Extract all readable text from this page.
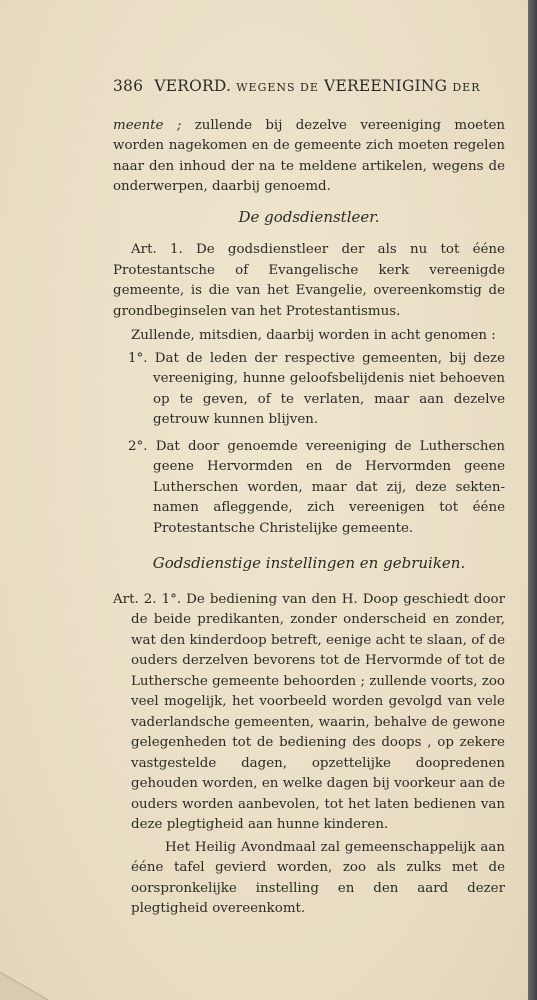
386 VERORD. WEGENS DE VEREENIGING DER

meente ; zullende bij dezelve vereeniging moeten worden nagekomen en de gemeente zich moeten regelen naar den inhoud der na te meldene artikelen, wegens de onderwerpen, daarbij genoemd.

De godsdienstleer.

Art. 1. De godsdienstleer der als nu tot ééne Protestantsche of Evangelische kerk vereenigde gemeente, is die van het Evangelie, overeenkomstig de grondbeginselen van het Protestantismus.

Zullende, mitsdien, daarbij worden in acht genomen :

1°. Dat de leden der respective gemeenten, bij deze vereeniging, hunne geloofsbelijdenis niet behoeven op te geven, of te verlaten, maar aan dezelve getrouw kunnen blijven.

2°. Dat door genoemde vereeniging de Lutherschen geene Hervormden en de Hervormden geene Lutherschen worden, maar dat zij, deze sekten-namen afleggende, zich vereenigen tot ééne Protestantsche Christelijke gemeente.

Godsdienstige instellingen en gebruiken.

Art. 2. 1°. De bediening van den H. Doop geschiedt door de beide predikanten, zonder onderscheid en zonder, wat den kinderdoop betreft, eenige acht te slaan, of de ouders derzelven bevorens tot de Hervormde of tot de Luthersche gemeente behoorden ; zullende voorts, zoo veel mogelijk, het voorbeeld worden gevolgd van vele vaderlandsche gemeenten, waarin, behalve de gewone gelegenheden tot de bediening des doops , op zekere vastgestelde dagen, opzettelijke doopredenen gehouden worden, en welke dagen bij voorkeur aan de ouders worden aanbevolen, tot het laten bedienen van deze plegtigheid aan hunne kinderen.

Het Heilig Avondmaal zal gemeenschappelijk aan ééne tafel gevierd worden, zoo als zulks met de oorspronkelijke instelling en den aard dezer plegtigheid overeenkomt.
